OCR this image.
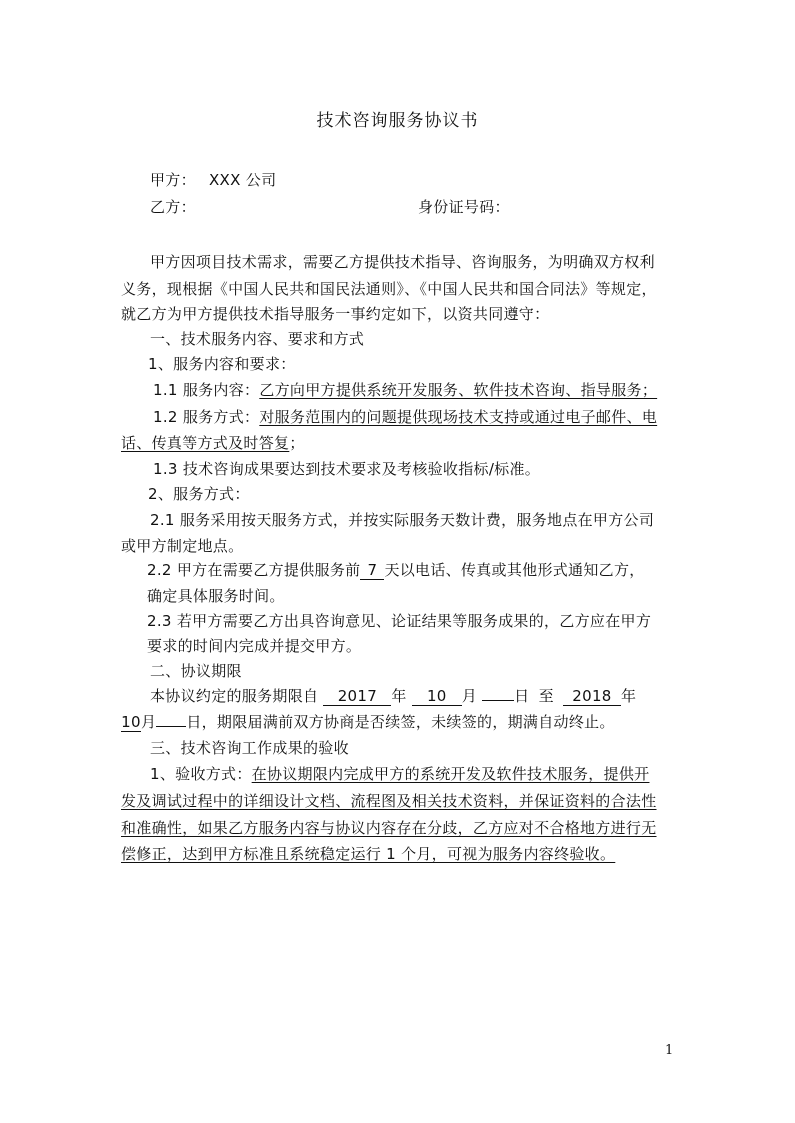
技术咨询服务协议书
甲方： XXX 公司
乙方：	身份证号码：
甲方因项目技术需求，需要乙方提供技术指导、咨询服务，为明确双方权利
义务，现根据《中国人民共和国民法通则》、《中国人民共和国合同法》等规定，
就乙方为甲方提供技术指导服务一事约定如下，以资共同遵守：
一、技术服务内容、要求和方式
1、服务内容和要求：
1.1 服务内容：乙方向甲方提供系统开发服务、软件技术咨询、指导服务；
1.2 服务方式：对服务范围内的问题提供现场技术支持或通过电子邮件、电
话、传真等方式及时答复；
1.3 技术咨询成果要达到技术要求及考核验收指标/标准。
2、服务方式：
2.1 服务采用按天服务方式，并按实际服务天数计费，服务地点在甲方公司
或甲方制定地点。
2.2 甲方在需要乙方提供服务前 7 天以电话、传真或其他形式通知乙方，
确定具体服务时间。
2.3 若甲方需要乙方出具咨询意见、论证结果等服务成果的，乙方应在甲方
要求的时间内完成并提交甲方。
二、协议期限
本协议约定的服务期限自 2017 年 10 月 日 至 2018 年
10月 日，期限届满前双方协商是否续签，未续签的，期满自动终止。
三、技术咨询工作成果的验收
1、验收方式：在协议期限内完成甲方的系统开发及软件技术服务，提供开
发及调试过程中的详细设计文档、流程图及相关技术资料，并保证资料的合法性
和准确性，如果乙方服务内容与协议内容存在分歧，乙方应对不合格地方进行无
偿修正，达到甲方标准且系统稳定运行 1 个月，可视为服务内容终验收。
1
